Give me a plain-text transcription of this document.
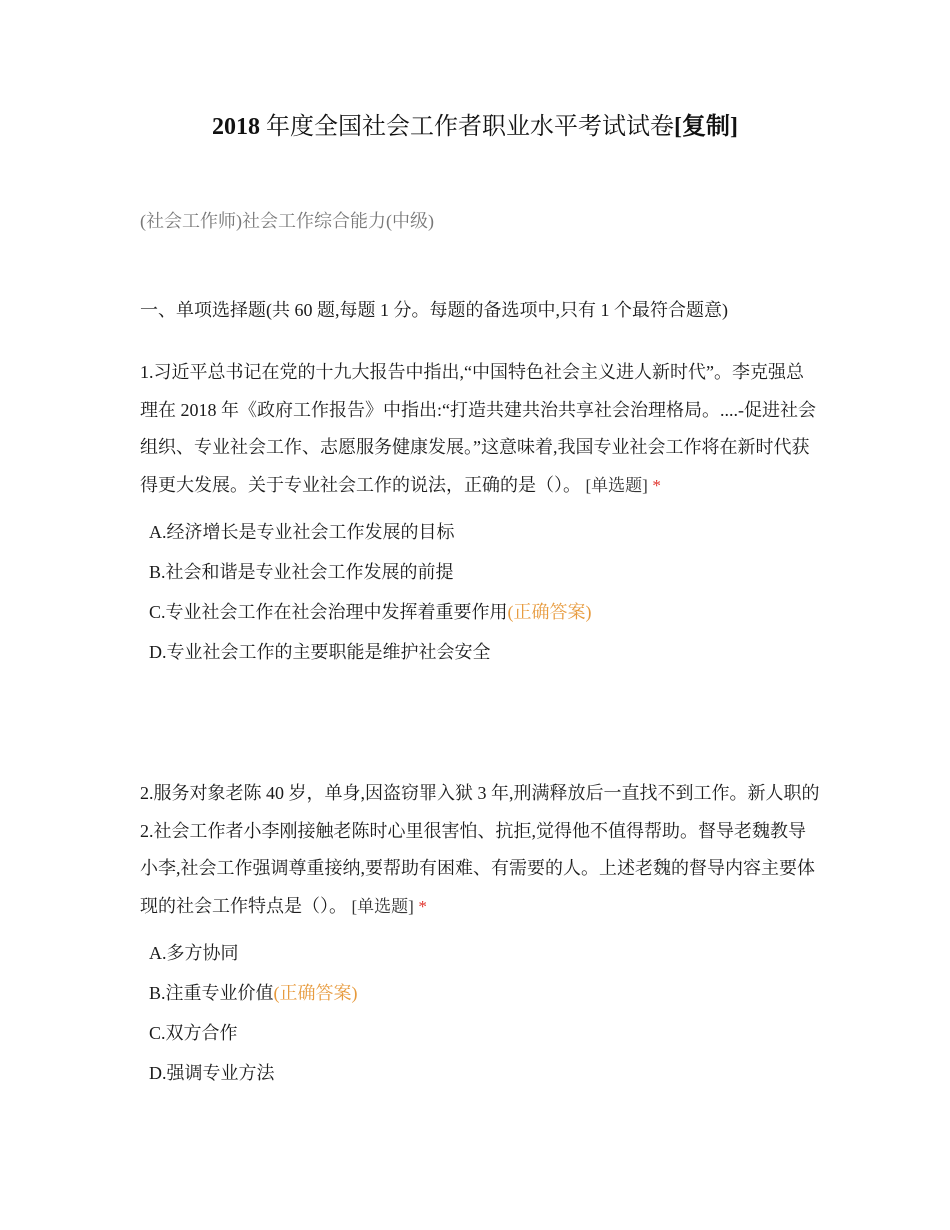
2018 年度全国社会工作者职业水平考试试卷[复制]
(社会工作师)社会工作综合能力(中级)
一、单项选择题(共 60 题,每题 1 分。每题的备选项中,只有 1 个最符合题意)

1.习近平总书记在党的十九大报告中指出,“中国特色社会主义进人新时代”。李克强总理在 2018 年《政府工作报告》中指出:“打造共建共治共享社会治理格局。....-促进社会组织、专业社会工作、志愿服务健康发展。”这意味着,我国专业社会工作将在新时代获得更大发展。关于专业社会工作的说法，正确的是（）。 [单选题] *

A.经济增长是专业社会工作发展的目标
B.社会和谐是专业社会工作发展的前提
C.专业社会工作在社会治理中发挥着重要作用(正确答案)
D.专业社会工作的主要职能是维护社会安全

2.服务对象老陈 40 岁，单身,因盗窃罪入狱 3 年,刑满释放后一直找不到工作。新人职的 2.社会工作者小李刚接触老陈时心里很害怕、抗拒,觉得他不值得帮助。督导老魏教导小李,社会工作强调尊重接纳,要帮助有困难、有需要的人。上述老魏的督导内容主要体现的社会工作特点是（）。 [单选题] *

A.多方协同
B.注重专业价值(正确答案)
C.双方合作
D.强调专业方法
